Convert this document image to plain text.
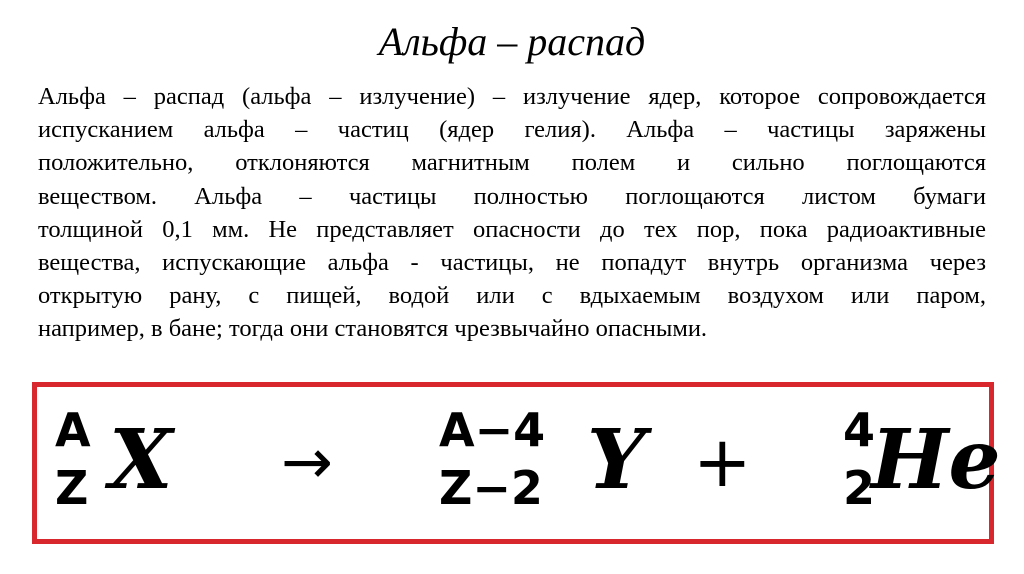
Альфа – распад
Альфа – распад (альфа – излучение) – излучение ядер, которое сопровождается
испусканием альфа – частиц (ядер гелия). Альфа – частицы заряжены
положительно, отклоняются магнитным полем и сильно поглощаются
веществом. Альфа – частицы полностью поглощаются листом бумаги
толщиной 0,1 мм. Не представляет опасности до тех пор, пока радиоактивные
вещества, испускающие альфа - частицы, не попадут внутрь организма через
открытую рану, с пищей, водой или с вдыхаемым воздухом или паром,
например, в бане; тогда они становятся чрезвычайно опасными.
A
Z X → A−4
Z−2 Y + 4
2
He
